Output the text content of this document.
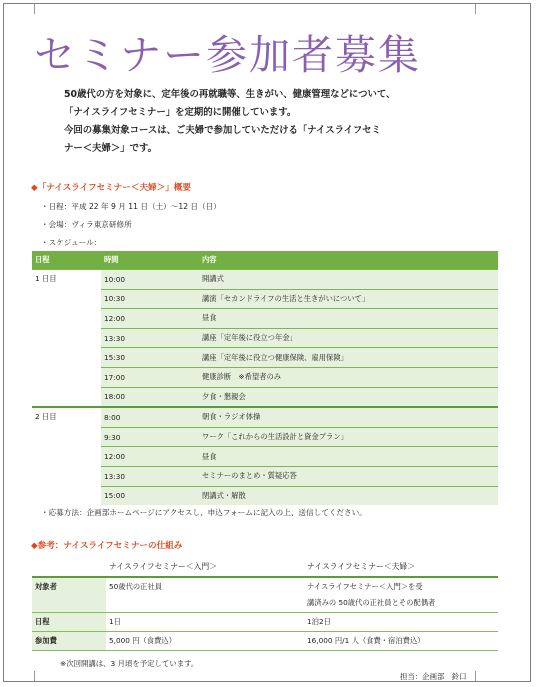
セミナー参加者募集
50歳代の方を対象に、定年後の再就職等、生きがい、健康管理などについて、
「ナイスライフセミナー」を定期的に開催しています。
今回の募集対象コースは、ご夫婦で参加していただける「ナイスライフセミ
ナー＜夫婦＞」です。
◆「ナイスライフセミナー＜夫婦＞」概要
・日程：平成 22 年 9 月 11 日（土）～12 日（日）
・会場：ヴィラ東京研修所
・スケジュール：
日程	時間	内容
1 日目	10:00	開講式
	10:30	講演「セカンドライフの生活と生きがいについて」
	12:00	昼食
	13:30	講座「定年後に役立つ年金」
	15:30	講座「定年後に役立つ健康保険、雇用保険」
	17:00	健康診断　※希望者のみ
	18:00	夕食・懇親会
2 日目	8:00	朝食・ラジオ体操
	9:30	ワーク「これからの生活設計と資金プラン」
	12:00	昼食
	13:30	セミナーのまとめ・質疑応答
	15:00	閉講式・解散
・応募方法：企画部ホームページにアクセスし、申込フォームに記入の上、送信してください。
◆参考：ナイスライフセミナーの仕組み
	ナイスライフセミナー＜入門＞	ナイスライフセミナー＜夫婦＞
対象者	50歳代の正社員	ナイスライフセミナー＜入門＞を受
講済みの 50歳代の正社員とその配偶者

日程	1日	1泊2日
参加費	5,000 円（食費込）	16,000 円/1 人（食費・宿泊費込）
※次回開講は、3 月頃を予定しています。
担当：企画部　鈴口
